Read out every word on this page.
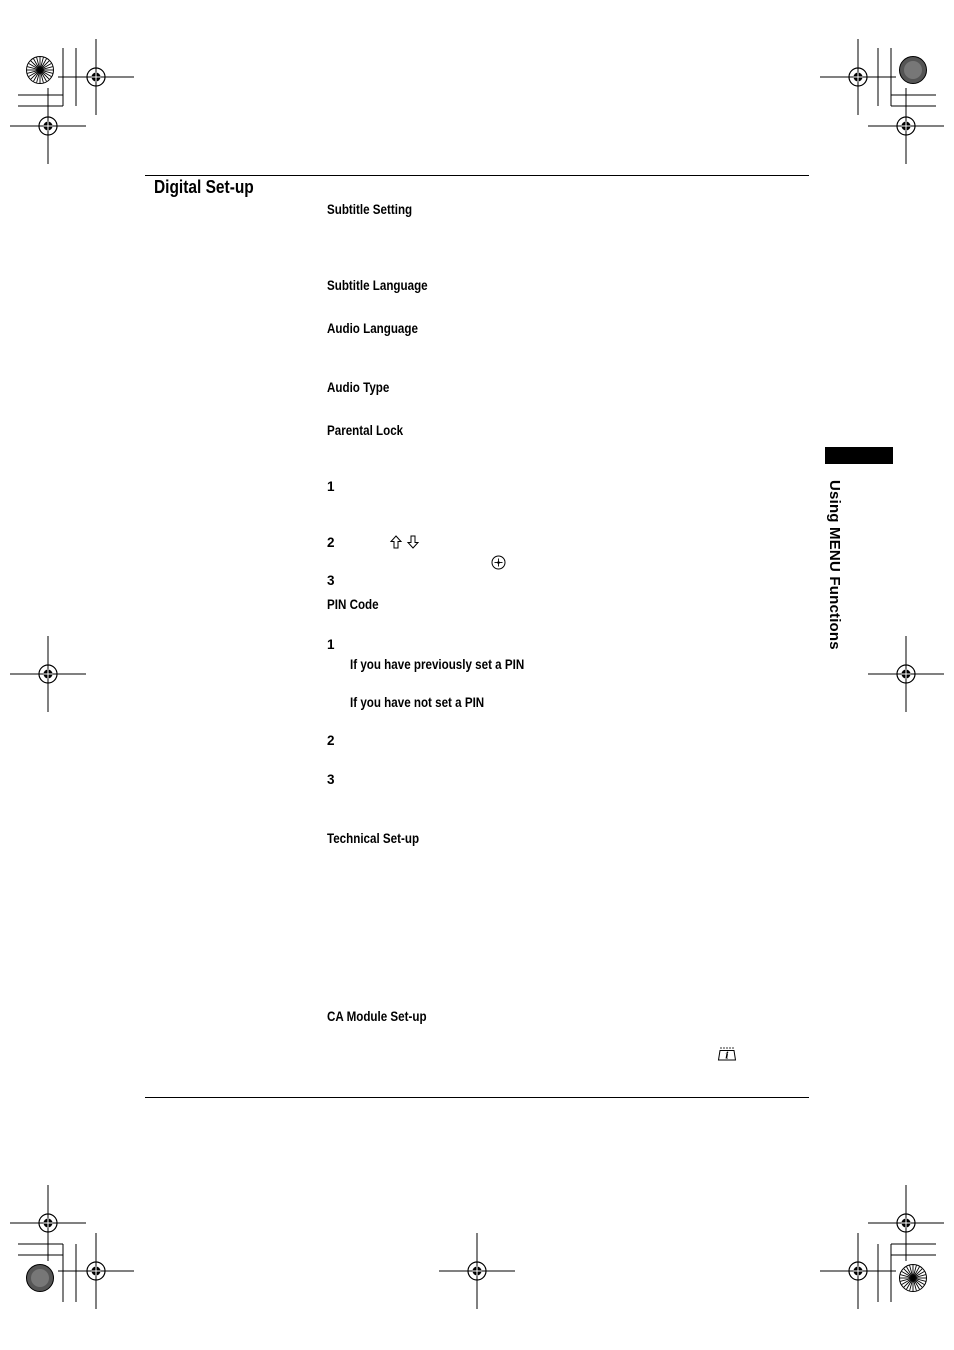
Digital Set-up
Subtitle Setting
Subtitle Language
Audio Language
Audio Type
Parental Lock
1
2
3
PIN Code
1
If you have previously set a PIN
If you have not set a PIN
2
3
Technical Set-up
CA Module Set-up
i
Using MENU Functions
